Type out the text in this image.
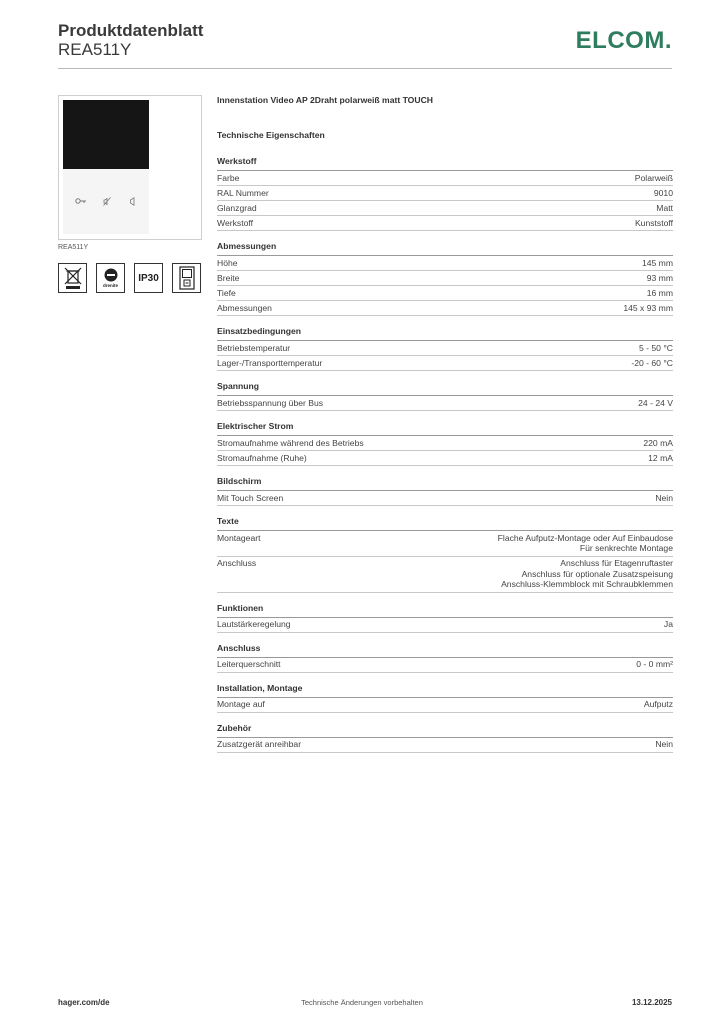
Produktdatenblatt
REA511Y	ELCOM.
REA511Y
drenite
IP30
Innenstation Video AP 2Draht polarweiß matt TOUCH
Technische Eigenschaften
Werkstoff
Farbe	Polarweiß
RAL Nummer	9010
Glanzgrad	Matt
Werkstoff	Kunststoff
Abmessungen
Höhe	145 mm
Breite	93 mm
Tiefe	16 mm
Abmessungen	145 x 93 mm
Einsatzbedingungen
Betriebstemperatur	5 - 50 °C
Lager-/Transporttemperatur	-20 - 60 °C
Spannung
Betriebsspannung über Bus	24 - 24 V
Elektrischer Strom
Stromaufnahme während des Betriebs	220 mA
Stromaufnahme (Ruhe)	12 mA
Bildschirm
Mit Touch Screen	Nein
Texte
Montageart	Flache Aufputz-Montage oder Auf Einbaudose
Für senkrechte Montage
Anschluss	Anschluss für Etagenruftaster
Anschluss für optionale Zusatzspeisung
Anschluss-Klemmblock mit Schraubklemmen
Funktionen
Lautstärkeregelung	Ja
Anschluss
Leiterquerschnitt	0 - 0 mm²
Installation, Montage
Montage auf	Aufputz
Zubehör
Zusatzgerät anreihbar	Nein
hager.com/de	Technische Änderungen vorbehalten	13.12.2025
